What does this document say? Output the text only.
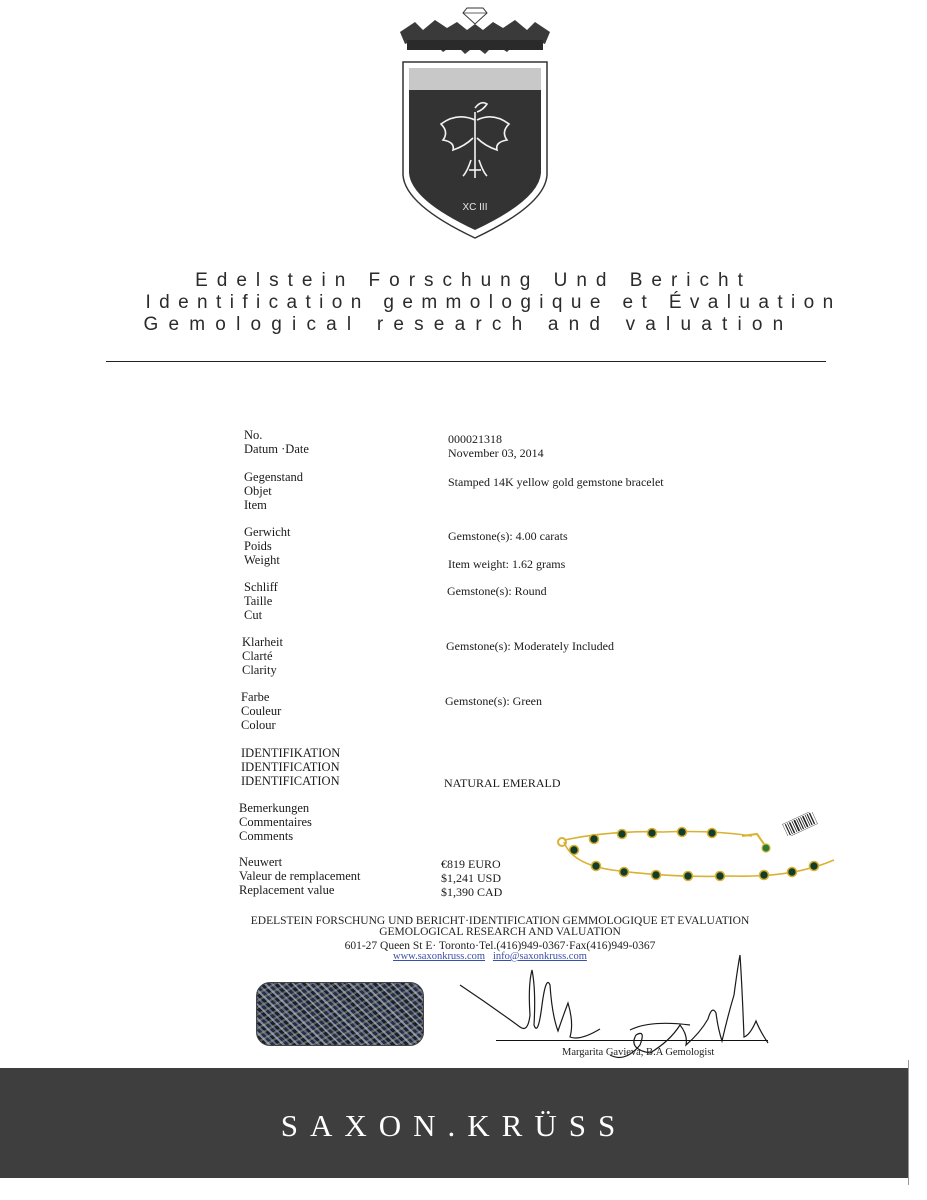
XC III
Edelstein Forschung Und Bericht
Identification gemmologique et Évaluation
Gemological research and valuation
No.
Datum ·Date
000021318
November 03, 2014
Gegenstand
Objet
Item
Stamped 14K yellow gold gemstone bracelet
Gerwicht
Poids
Weight
Gemstone(s): 4.00 carats
Item weight: 1.62 grams
Schliff
Taille
Cut
Gemstone(s): Round
Klarheit
Clarté
Clarity
Gemstone(s): Moderately Included
Farbe
Couleur
Colour
Gemstone(s): Green
IDENTIFIKATION
IDENTIFICATION
IDENTIFICATION	NATURAL EMERALD
Bemerkungen
Commentaires
Comments
Neuwert
Valeur de remplacement
Replacement value
€819 EURO
$1,241 USD
$1,390 CAD
EDELSTEIN FORSCHUNG UND BERICHT·IDENTIFICATION GEMMOLOGIQUE ET EVALUATION
GEMOLOGICAL RESEARCH AND VALUATION
601-27 Queen St E· Toronto·Tel.(416)949-0367·Fax(416)949-0367
www.saxonkruss.com info@saxonkruss.com
Margarita Gavieva, B.A Gemologist
SAXON.KRÜSS
